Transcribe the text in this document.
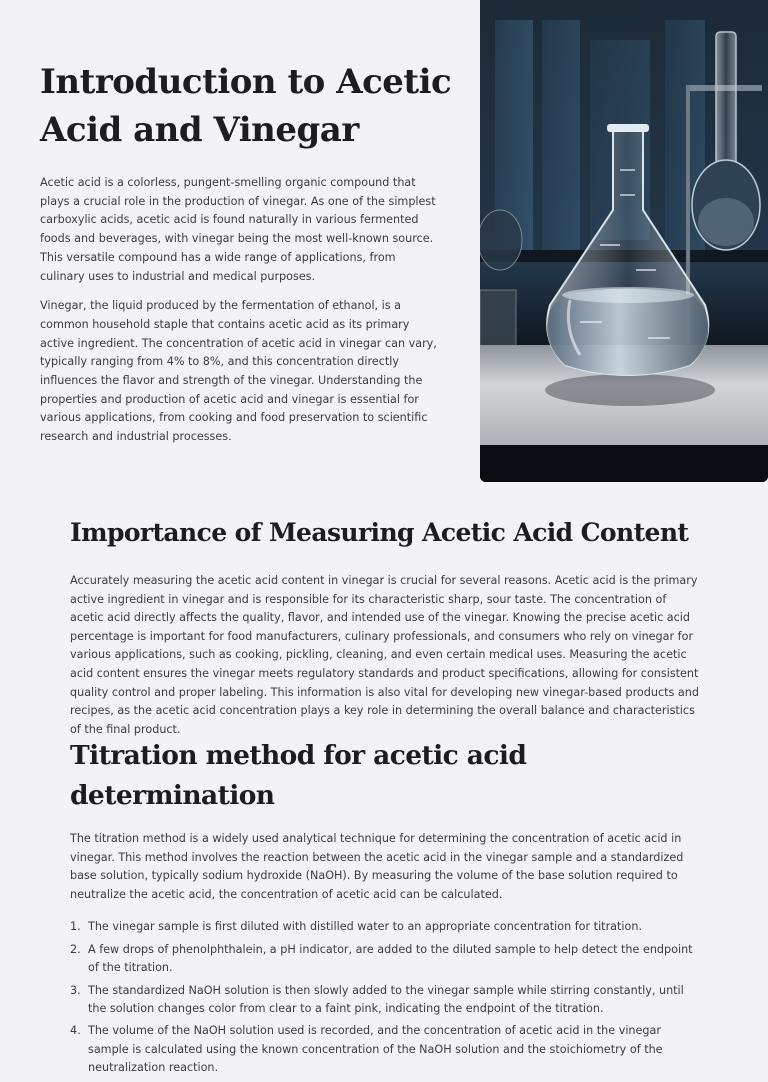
Introduction to Acetic Acid and Vinegar

Acetic acid is a colorless, pungent-smelling organic compound that plays a crucial role in the production of vinegar. As one of the simplest carboxylic acids, acetic acid is found naturally in various fermented foods and beverages, with vinegar being the most well-known source. This versatile compound has a wide range of applications, from culinary uses to industrial and medical purposes.

Vinegar, the liquid produced by the fermentation of ethanol, is a common household staple that contains acetic acid as its primary active ingredient. The concentration of acetic acid in vinegar can vary, typically ranging from 4% to 8%, and this concentration directly influences the flavor and strength of the vinegar. Understanding the properties and production of acetic acid and vinegar is essential for various applications, from cooking and food preservation to scientific research and industrial processes.

Importance of Measuring Acetic Acid Content

Accurately measuring the acetic acid content in vinegar is crucial for several reasons. Acetic acid is the primary active ingredient in vinegar and is responsible for its characteristic sharp, sour taste. The concentration of acetic acid directly affects the quality, flavor, and intended use of the vinegar. Knowing the precise acetic acid percentage is important for food manufacturers, culinary professionals, and consumers who rely on vinegar for various applications, such as cooking, pickling, cleaning, and even certain medical uses. Measuring the acetic acid content ensures the vinegar meets regulatory standards and product specifications, allowing for consistent quality control and proper labeling. This information is also vital for developing new vinegar-based products and recipes, as the acetic acid concentration plays a key role in determining the overall balance and characteristics of the final product.

Titration method for acetic acid determination

The titration method is a widely used analytical technique for determining the concentration of acetic acid in vinegar. This method involves the reaction between the acetic acid in the vinegar sample and a standardized base solution, typically sodium hydroxide (NaOH). By measuring the volume of the base solution required to neutralize the acetic acid, the concentration of acetic acid can be calculated.

1. The vinegar sample is first diluted with distilled water to an appropriate concentration for titration.
2. A few drops of phenolphthalein, a pH indicator, are added to the diluted sample to help detect the endpoint of the titration.
3. The standardized NaOH solution is then slowly added to the vinegar sample while stirring constantly, until the solution changes color from clear to a faint pink, indicating the endpoint of the titration.
4. The volume of the NaOH solution used is recorded, and the concentration of acetic acid in the vinegar sample is calculated using the known concentration of the NaOH solution and the stoichiometry of the neutralization reaction.
